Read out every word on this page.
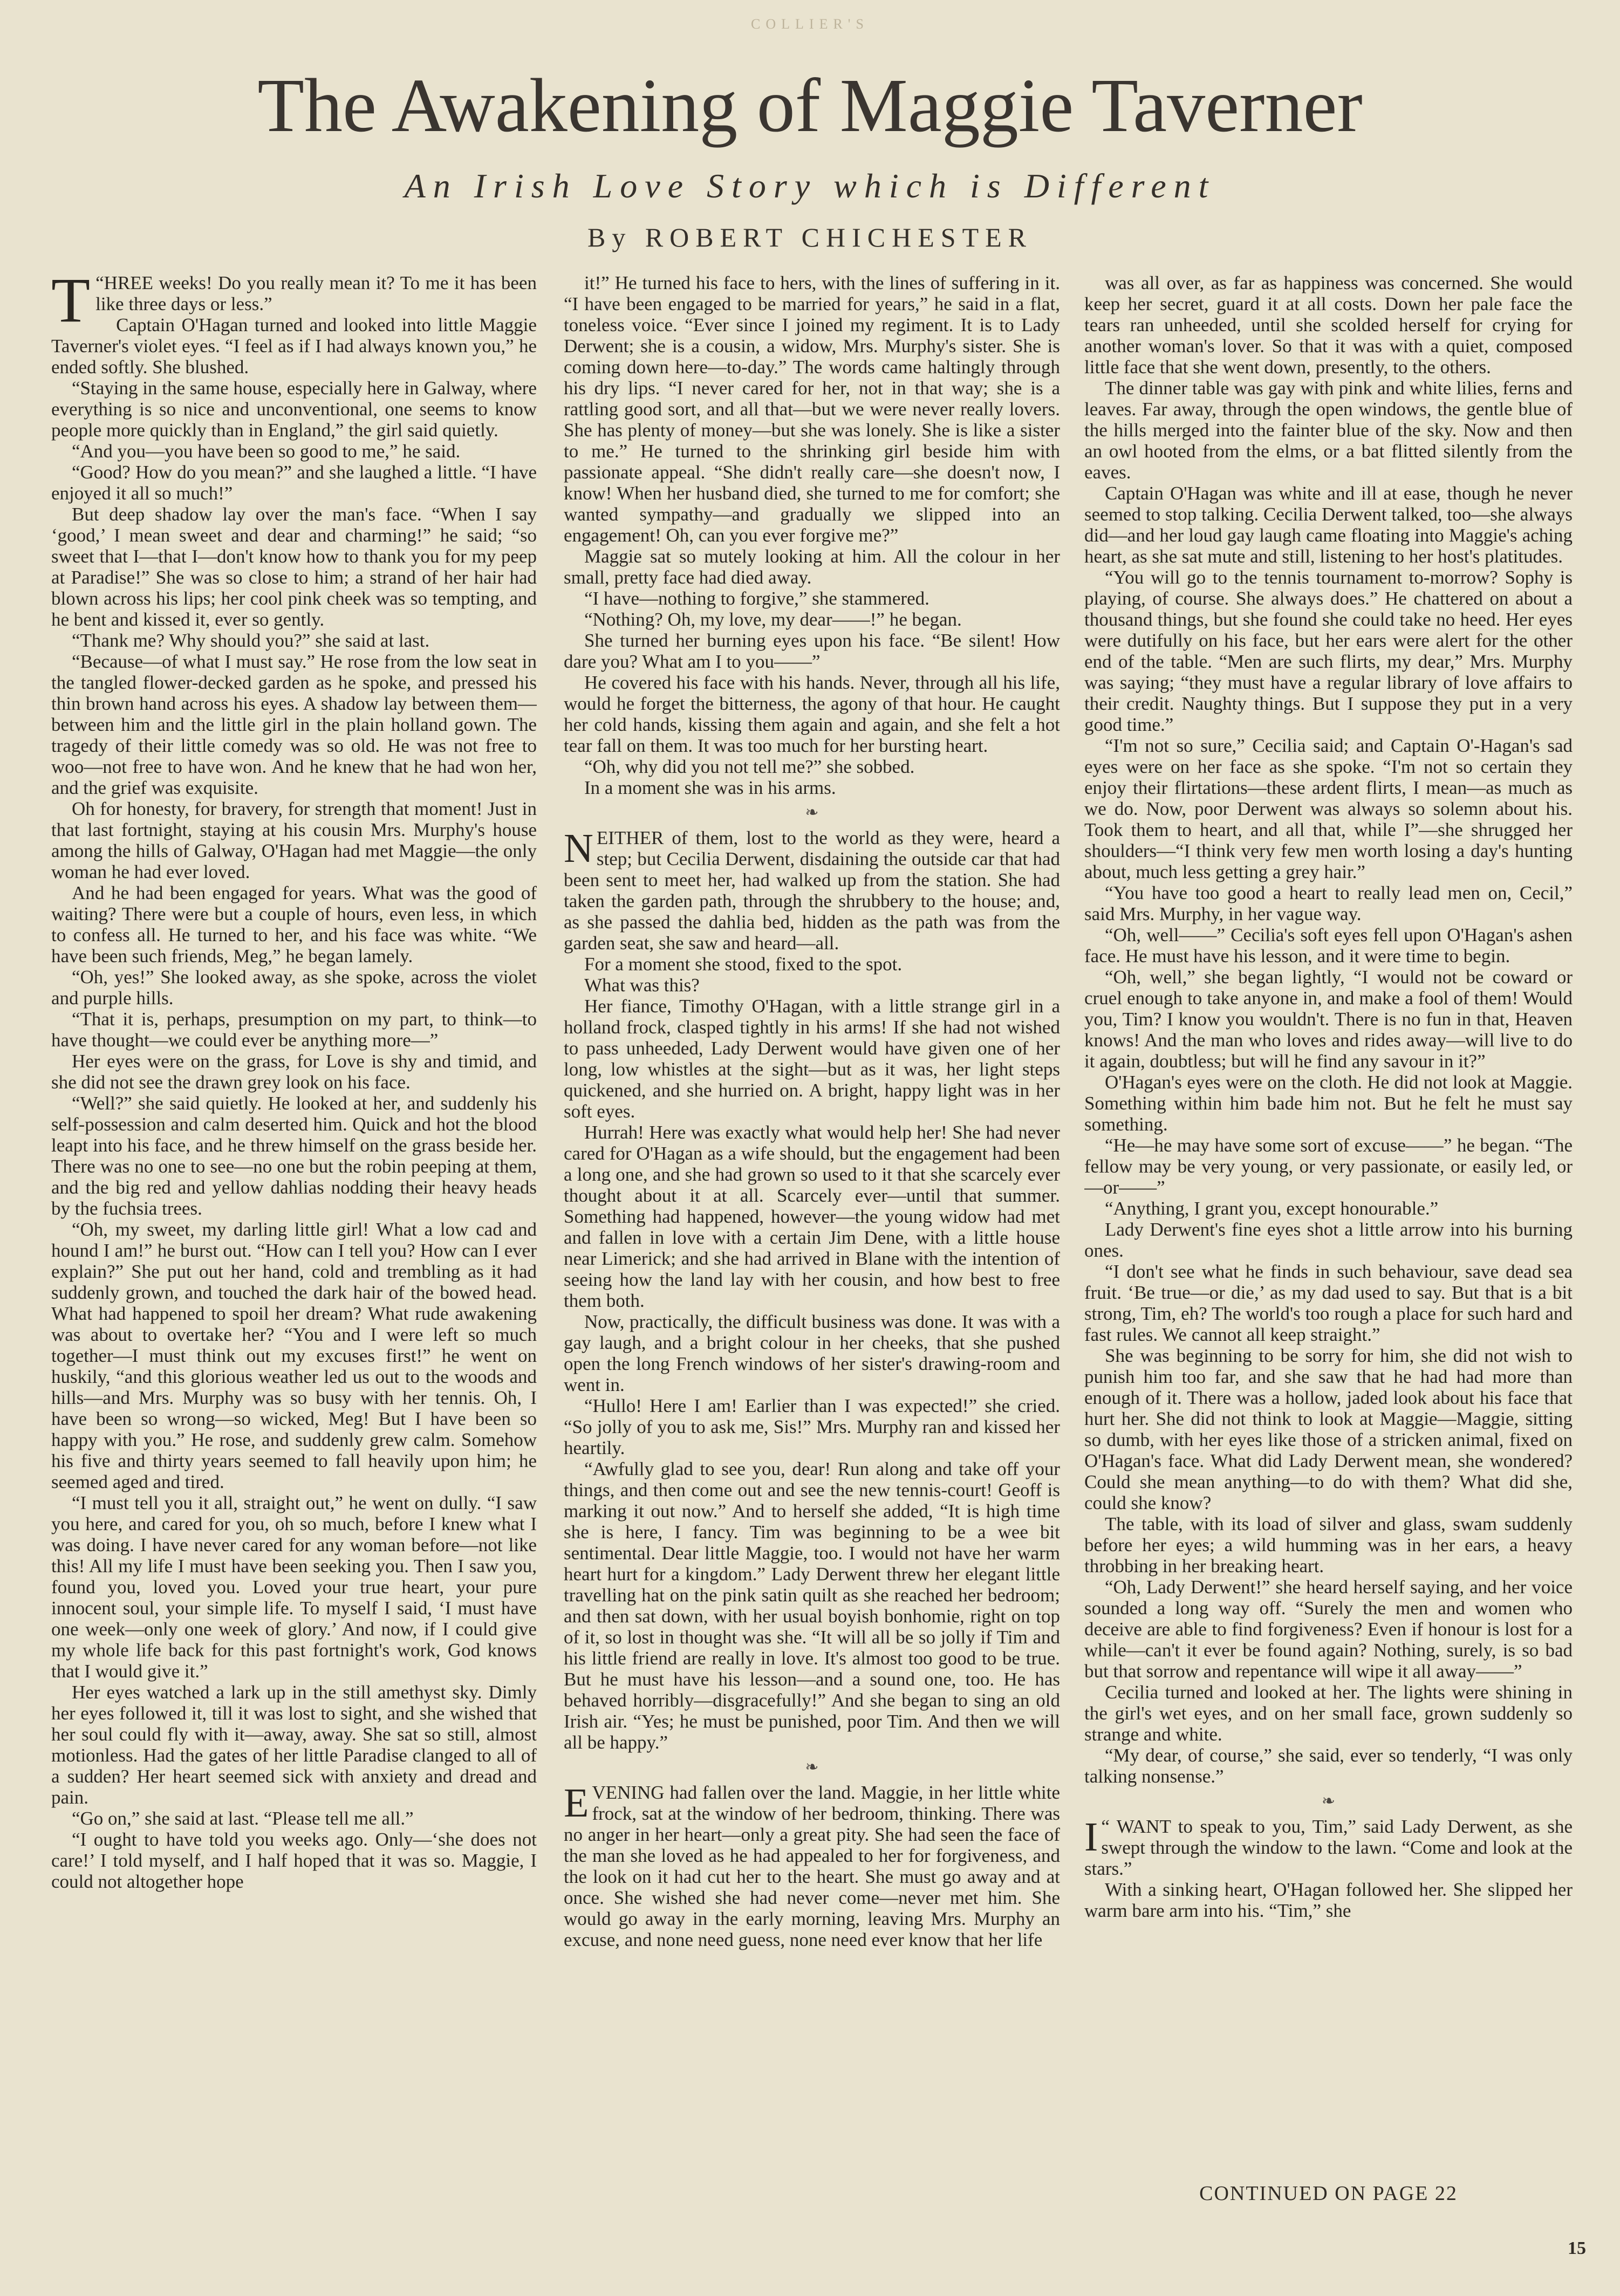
COLLIER'S
The Awakening of Maggie Taverner
An Irish Love Story which is Different
By ROBERT CHICHESTER

“
T HREE weeks! Do you really mean it? To me it has been like three days or less.”

Captain O'Hagan turned and looked into little Maggie Taverner's violet eyes. “I feel as if I had always known you,” he ended softly. She blushed.

“Staying in the same house, especially here in Galway, where everything is so nice and unconventional, one seems to know people more quickly than in England,” the girl said quietly.

“And you—you have been so good to me,” he said.

“Good? How do you mean?” and she laughed a little. “I have enjoyed it all so much!”

But deep shadow lay over the man's face. “When I say ‘good,’ I mean sweet and dear and charming!” he said; “so sweet that I—that I—don't know how to thank you for my peep at Paradise!” She was so close to him; a strand of her hair had blown across his lips; her cool pink cheek was so tempting, and he bent and kissed it, ever so gently.

“Thank me? Why should you?” she said at last.

“Because—of what I must say.” He rose from the low seat in the tangled flower-decked garden as he spoke, and pressed his thin brown hand across his eyes. A shadow lay between them—between him and the little girl in the plain holland gown. The tragedy of their little comedy was so old. He was not free to woo—not free to have won. And he knew that he had won her, and the grief was exquisite.

Oh for honesty, for bravery, for strength that moment! Just in that last fortnight, staying at his cousin Mrs. Murphy's house among the hills of Galway, O'Hagan had met Maggie—the only woman he had ever loved.

And he had been engaged for years. What was the good of waiting? There were but a couple of hours, even less, in which to confess all. He turned to her, and his face was white. “We have been such friends, Meg,” he began lamely.

“Oh, yes!” She looked away, as she spoke, across the violet and purple hills.

“That it is, perhaps, presumption on my part, to think—to have thought—we could ever be anything more—”

Her eyes were on the grass, for Love is shy and timid, and she did not see the drawn grey look on his face.

“Well?” she said quietly. He looked at her, and suddenly his self-possession and calm deserted him. Quick and hot the blood leapt into his face, and he threw himself on the grass beside her. There was no one to see—no one but the robin peeping at them, and the big red and yellow dahlias nodding their heavy heads by the fuchsia trees.

“Oh, my sweet, my darling little girl! What a low cad and hound I am!” he burst out. “How can I tell you? How can I ever explain?” She put out her hand, cold and trembling as it had suddenly grown, and touched the dark hair of the bowed head. What had happened to spoil her dream? What rude awakening was about to overtake her? “You and I were left so much together—I must think out my excuses first!” he went on huskily, “and this glorious weather led us out to the woods and hills—and Mrs. Murphy was so busy with her tennis. Oh, I have been so wrong—so wicked, Meg! But I have been so happy with you.” He rose, and suddenly grew calm. Somehow his five and thirty years seemed to fall heavily upon him; he seemed aged and tired.

“I must tell you it all, straight out,” he went on dully. “I saw you here, and cared for you, oh so much, before I knew what I was doing. I have never cared for any woman before—not like this! All my life I must have been seeking you. Then I saw you, found you, loved you. Loved your true heart, your pure innocent soul, your simple life. To myself I said, ‘I must have one week—only one week of glory.’ And now, if I could give my whole life back for this past fortnight's work, God knows that I would give it.”

Her eyes watched a lark up in the still amethyst sky. Dimly her eyes followed it, till it was lost to sight, and she wished that her soul could fly with it—away, away. She sat so still, almost motionless. Had the gates of her little Paradise clanged to all of a sudden? Her heart seemed sick with anxiety and dread and pain.

“Go on,” she said at last. “Please tell me all.”

“I ought to have told you weeks ago. Only—‘she does not care!’ I told myself, and I half hoped that it was so. Maggie, I could not altogether hope

it!” He turned his face to hers, with the lines of suffering in it. “I have been engaged to be married for years,” he said in a flat, toneless voice. “Ever since I joined my regiment. It is to Lady Derwent; she is a cousin, a widow, Mrs. Murphy's sister. She is coming down here—to-day.” The words came haltingly through his dry lips. “I never cared for her, not in that way; she is a rattling good sort, and all that—but we were never really lovers. She has plenty of money—but she was lonely. She is like a sister to me.” He turned to the shrinking girl beside him with passionate appeal. “She didn't really care—she doesn't now, I know! When her husband died, she turned to me for comfort; she wanted sympathy—and gradually we slipped into an engagement! Oh, can you ever forgive me?”

Maggie sat so mutely looking at him. All the colour in her small, pretty face had died away.

“I have—nothing to forgive,” she stammered.

“Nothing? Oh, my love, my dear——!” he began.

She turned her burning eyes upon his face. “Be silent! How dare you? What am I to you——”

He covered his face with his hands. Never, through all his life, would he forget the bitterness, the agony of that hour. He caught her cold hands, kissing them again and again, and she felt a hot tear fall on them. It was too much for her bursting heart.

“Oh, why did you not tell me?” she sobbed.

In a moment she was in his arms.

❧

NEITHER of them, lost to the world as they were, heard a step; but Cecilia Derwent, disdaining the outside car that had been sent to meet her, had walked up from the station. She had taken the garden path, through the shrubbery to the house; and, as she passed the dahlia bed, hidden as the path was from the garden seat, she saw and heard—all.

For a moment she stood, fixed to the spot.

What was this?

Her fiance, Timothy O'Hagan, with a little strange girl in a holland frock, clasped tightly in his arms! If she had not wished to pass unheeded, Lady Derwent would have given one of her long, low whistles at the sight—but as it was, her light steps quickened, and she hurried on. A bright, happy light was in her soft eyes.

Hurrah! Here was exactly what would help her! She had never cared for O'Hagan as a wife should, but the engagement had been a long one, and she had grown so used to it that she scarcely ever thought about it at all. Scarcely ever—until that summer. Something had happened, however—the young widow had met and fallen in love with a certain Jim Dene, with a little house near Limerick; and she had arrived in Blane with the intention of seeing how the land lay with her cousin, and how best to free them both.

Now, practically, the difficult business was done. It was with a gay laugh, and a bright colour in her cheeks, that she pushed open the long French windows of her sister's drawing-room and went in.

“Hullo! Here I am! Earlier than I was expected!” she cried. “So jolly of you to ask me, Sis!” Mrs. Murphy ran and kissed her heartily.

“Awfully glad to see you, dear! Run along and take off your things, and then come out and see the new tennis-court! Geoff is marking it out now.” And to herself she added, “It is high time she is here, I fancy. Tim was beginning to be a wee bit sentimental. Dear little Maggie, too. I would not have her warm heart hurt for a kingdom.” Lady Derwent threw her elegant little travelling hat on the pink satin quilt as she reached her bedroom; and then sat down, with her usual boyish bonhomie, right on top of it, so lost in thought was she. “It will all be so jolly if Tim and his little friend are really in love. It's almost too good to be true. But he must have his lesson—and a sound one, too. He has behaved horribly—disgracefully!” And she began to sing an old Irish air. “Yes; he must be punished, poor Tim. And then we will all be happy.”

❧

EVENING had fallen over the land. Maggie, in her little white frock, sat at the window of her bedroom, thinking. There was no anger in her heart—only a great pity. She had seen the face of the man she loved as he had appealed to her for forgiveness, and the look on it had cut her to the heart. She must go away and at once. She wished she had never come—never met him. She would go away in the early morning, leaving Mrs. Murphy an excuse, and none need guess, none need ever know that her life

was all over, as far as happiness was concerned. She would keep her secret, guard it at all costs. Down her pale face the tears ran unheeded, until she scolded herself for crying for another woman's lover. So that it was with a quiet, composed little face that she went down, presently, to the others.

The dinner table was gay with pink and white lilies, ferns and leaves. Far away, through the open windows, the gentle blue of the hills merged into the fainter blue of the sky. Now and then an owl hooted from the elms, or a bat flitted silently from the eaves.

Captain O'Hagan was white and ill at ease, though he never seemed to stop talking. Cecilia Derwent talked, too—she always did—and her loud gay laugh came floating into Maggie's aching heart, as she sat mute and still, listening to her host's platitudes.

“You will go to the tennis tournament to-morrow? Sophy is playing, of course. She always does.” He chattered on about a thousand things, but she found she could take no heed. Her eyes were dutifully on his face, but her ears were alert for the other end of the table. “Men are such flirts, my dear,” Mrs. Murphy was saying; “they must have a regular library of love affairs to their credit. Naughty things. But I suppose they put in a very good time.”

“I'm not so sure,” Cecilia said; and Captain O'-Hagan's sad eyes were on her face as she spoke. “I'm not so certain they enjoy their flirtations—these ardent flirts, I mean—as much as we do. Now, poor Derwent was always so solemn about his. Took them to heart, and all that, while I”—she shrugged her shoulders—“I think very few men worth losing a day's hunting about, much less getting a grey hair.”

“You have too good a heart to really lead men on, Cecil,” said Mrs. Murphy, in her vague way.

“Oh, well——” Cecilia's soft eyes fell upon O'Hagan's ashen face. He must have his lesson, and it were time to begin.

“Oh, well,” she began lightly, “I would not be coward or cruel enough to take anyone in, and make a fool of them! Would you, Tim? I know you wouldn't. There is no fun in that, Heaven knows! And the man who loves and rides away—will live to do it again, doubtless; but will he find any savour in it?”

O'Hagan's eyes were on the cloth. He did not look at Maggie. Something within him bade him not. But he felt he must say something.

“He—he may have some sort of excuse——” he began. “The fellow may be very young, or very passionate, or easily led, or—or——”

“Anything, I grant you, except honourable.”

Lady Derwent's fine eyes shot a little arrow into his burning ones.

“I don't see what he finds in such behaviour, save dead sea fruit. ‘Be true—or die,’ as my dad used to say. But that is a bit strong, Tim, eh? The world's too rough a place for such hard and fast rules. We cannot all keep straight.”

She was beginning to be sorry for him, she did not wish to punish him too far, and she saw that he had had more than enough of it. There was a hollow, jaded look about his face that hurt her. She did not think to look at Maggie—Maggie, sitting so dumb, with her eyes like those of a stricken animal, fixed on O'Hagan's face. What did Lady Derwent mean, she wondered? Could she mean anything—to do with them? What did she, could she know?

The table, with its load of silver and glass, swam suddenly before her eyes; a wild humming was in her ears, a heavy throbbing in her breaking heart.

“Oh, Lady Derwent!” she heard herself saying, and her voice sounded a long way off. “Surely the men and women who deceive are able to find forgiveness? Even if honour is lost for a while—can't it ever be found again? Nothing, surely, is so bad but that sorrow and repentance will wipe it all away——”

Cecilia turned and looked at her. The lights were shining in the girl's wet eyes, and on her small face, grown suddenly so strange and white.

“My dear, of course,” she said, ever so tenderly, “I was only talking nonsense.”

❧

“
I WANT to speak to you, Tim,” said Lady Derwent, as she swept through the window to the lawn. “Come and look at the stars.”

With a sinking heart, O'Hagan followed her. She slipped her warm bare arm into his. “Tim,” she

CONTINUED ON PAGE 22
15
